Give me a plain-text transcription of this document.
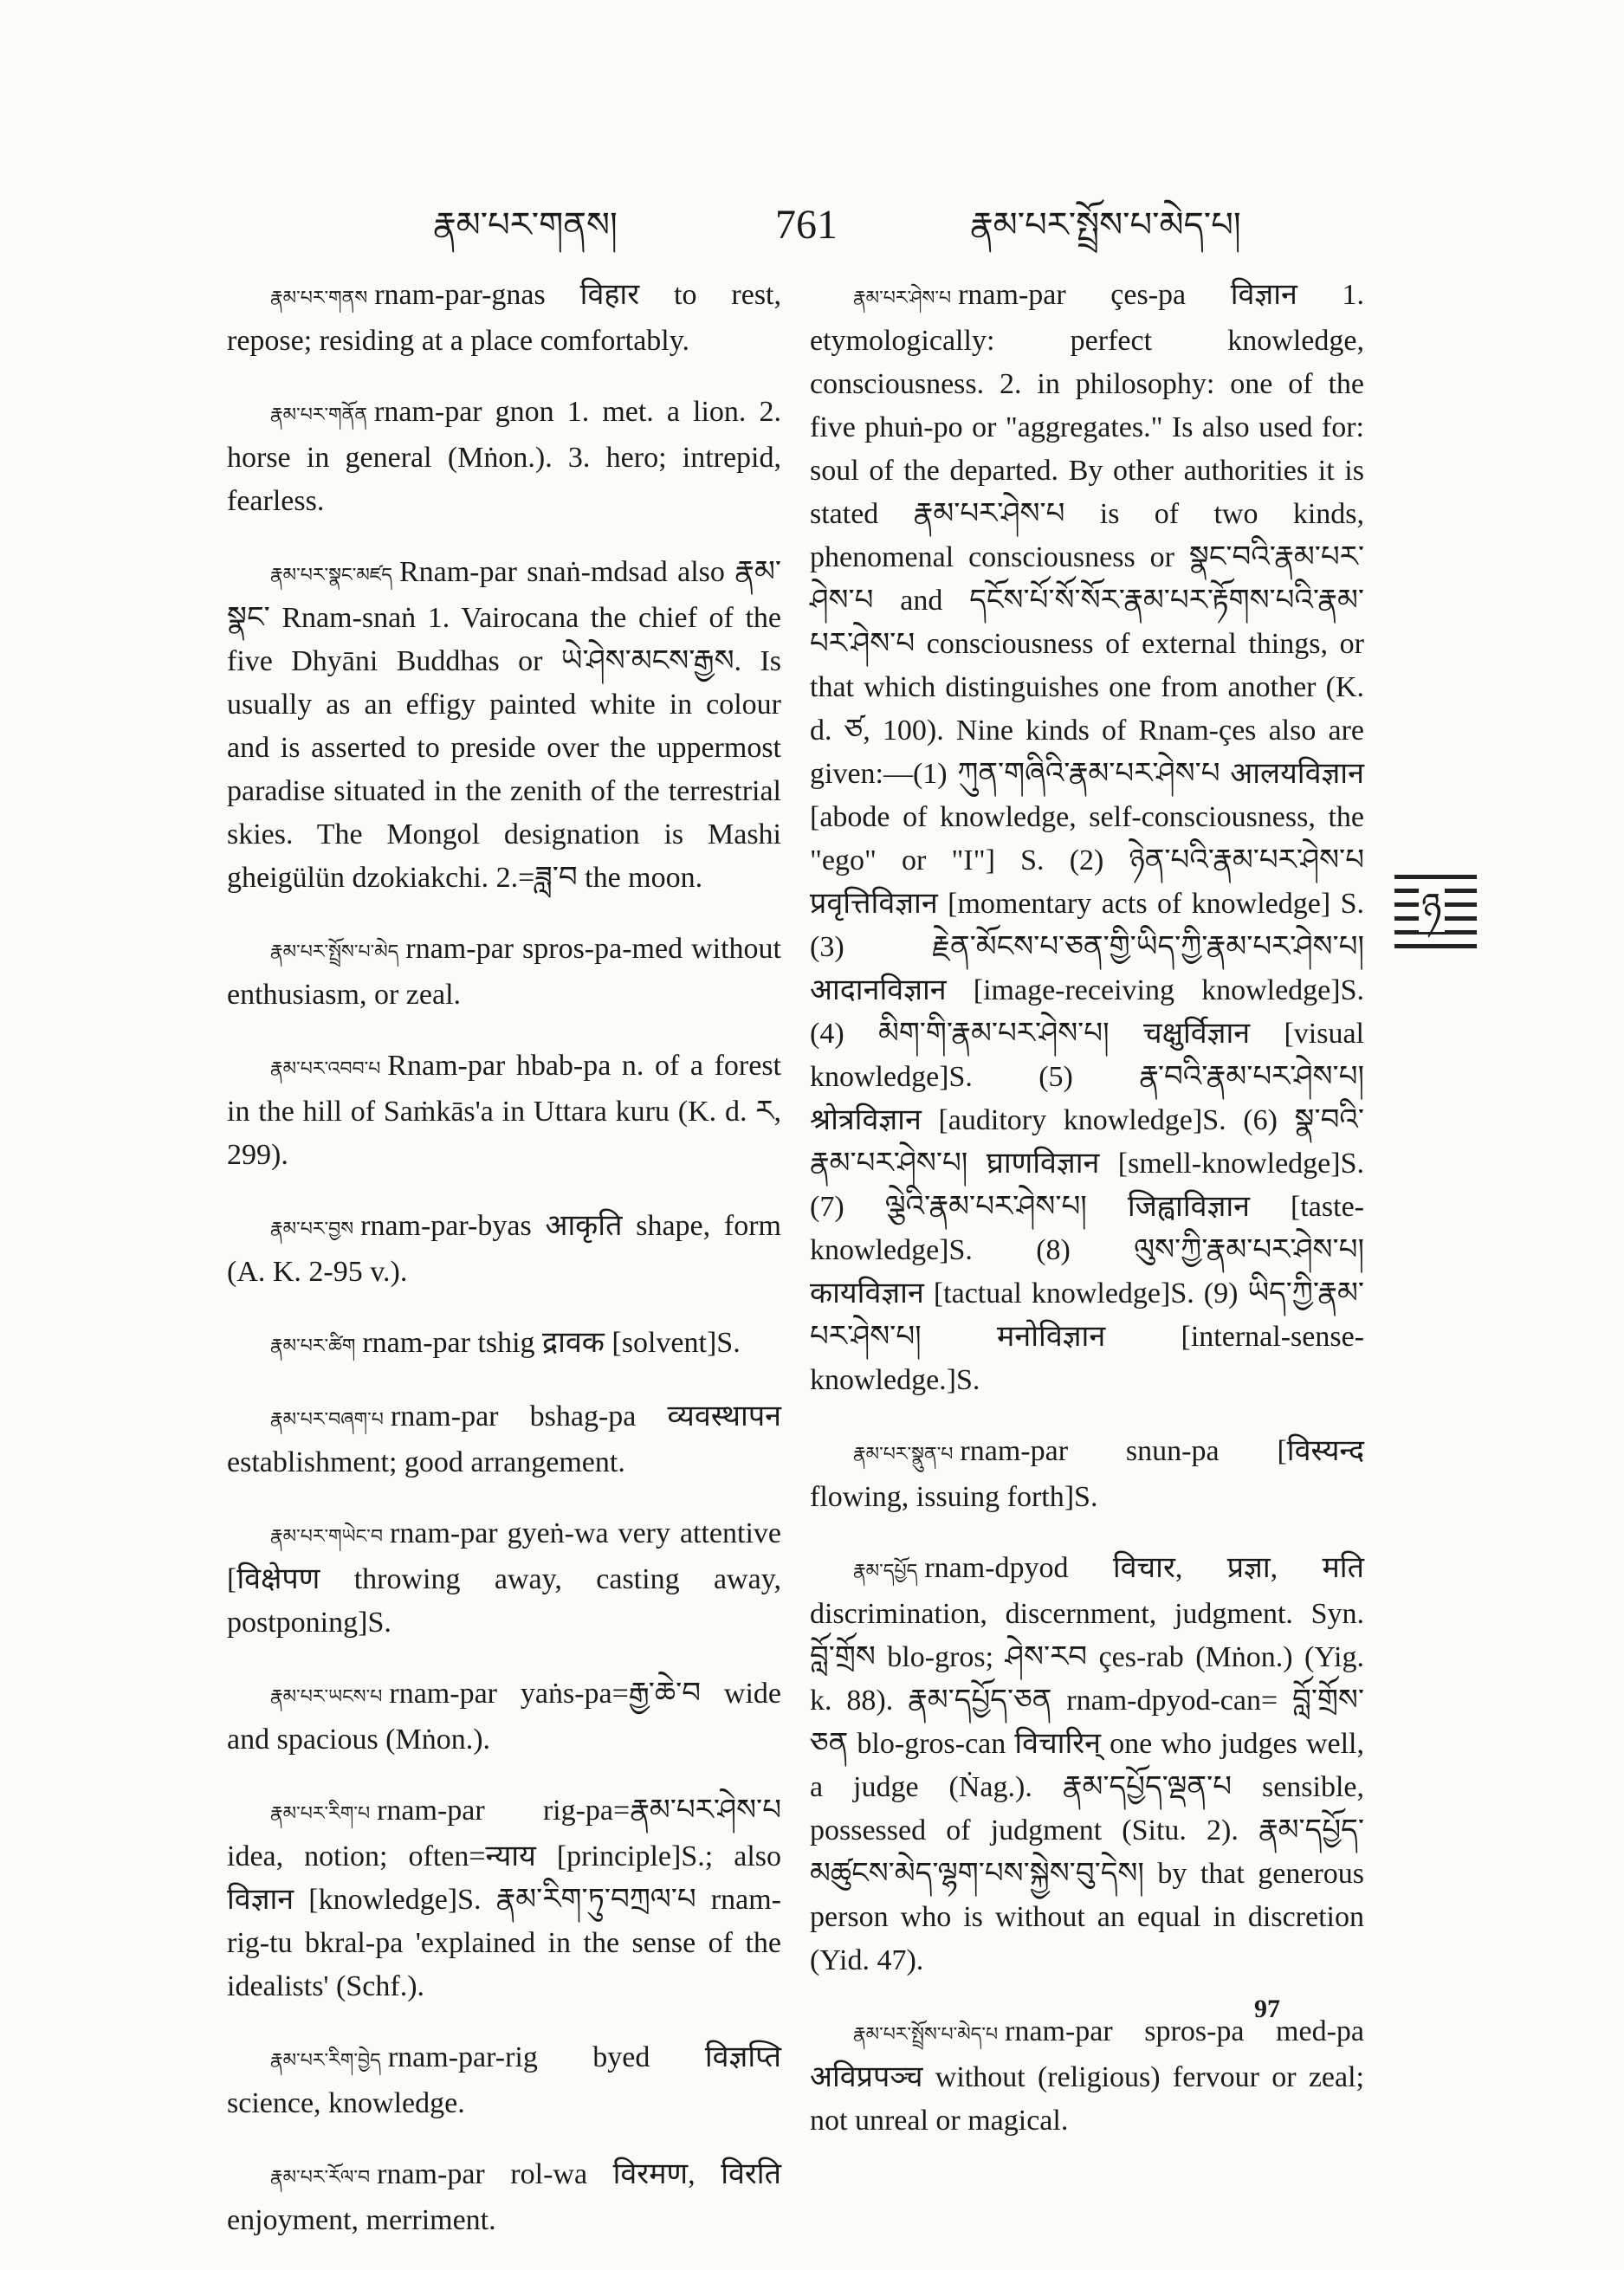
རྣམ་པར་གནས།	761	རྣམ་པར་སྤྲོས་པ་མེད་པ།

རྣམ་པར་གནས rnam-par-gnas विहार to rest, repose; residing at a place comfortably.

རྣམ་པར་གནོན rnam-par gnon 1. met. a lion. 2. horse in general (Mṅon.). 3. hero; intrepid, fearless.

རྣམ་པར་སྣང་མཛད Rnam-par snaṅ-mdsad also རྣམ་སྣང་ Rnam-snaṅ 1. Vairocana the chief of the five Dhyāni Buddhas or ཡེ་ཤེས་མངས་རྒྱས. Is usually as an effigy painted white in colour and is asserted to preside over the uppermost paradise situated in the zenith of the terrestrial skies. The Mongol designation is Mashi gheigülün dzokiakchi. 2.=ཟླ་བ the moon.

རྣམ་པར་སྤྲོས་པ་མེད rnam-par spros-pa-med without enthusiasm, or zeal.

རྣམ་པར་འབབ་པ Rnam-par hbab-pa n. of a forest in the hill of Saṁkās'a in Uttara kuru (K. d. ར, 299).

རྣམ་པར་བྱས rnam-par-byas आकृति shape, form (A. K. 2-95 v.).

རྣམ་པར་ཚིག rnam-par tshig द्रावक [solvent]S.

རྣམ་པར་བཞག་པ rnam-par bshag-pa व्यवस्थापन establishment; good arrangement.

རྣམ་པར་གཡེང་བ rnam-par gyeṅ-wa very attentive [विक्षेपण throwing away, casting away, postponing]S.

རྣམ་པར་ཡངས་པ rnam-par yaṅs-pa=རྒྱ་ཆེ་བ wide and spacious (Mṅon.).

རྣམ་པར་རིག་པ rnam-par rig-pa=རྣམ་པར་ཤེས་པ idea, notion; often=न्याय [principle]S.; also विज्ञान [knowledge]S. རྣམ་རིག་ཏུ་བཀྲལ་པ rnam-rig-tu bkral-pa 'explained in the sense of the idealists' (Schf.).

རྣམ་པར་རིག་བྱེད rnam-par-rig byed विज्ञप्ति science, knowledge.

རྣམ་པར་རོལ་བ rnam-par rol-wa विरमण, विरति enjoyment, merriment.

རྣམ་པར་ཤེས་པ rnam-par çes-pa विज्ञान 1. etymologically: perfect knowledge, consciousness. 2. in philosophy: one of the five phuṅ-po or "aggregates." Is also used for: soul of the departed. By other authorities it is stated རྣམ་པར་ཤེས་པ is of two kinds, phenomenal consciousness or སྣང་བའི་རྣམ་པར་ཤེས་པ and དངོས་པོ་སོ་སོར་རྣམ་པར་རྟོགས་པའི་རྣམ་པར་ཤེས་པ consciousness of external things, or that which distinguishes one from another (K. d. ཙ, 100). Nine kinds of Rnam-çes also are given:—(1) ཀུན་གཞིའི་རྣམ་པར་ཤེས་པ आलयविज्ञान [abode of knowledge, self-consciousness, the "ego" or "I"] S. (2) ཉེན་པའི་རྣམ་པར་ཤེས་པ प्रवृत्तिविज्ञान [momentary acts of knowledge] S. (3) རྗེན་མོངས་པ་ཅན་གྱི་ཡིད་ཀྱི་རྣམ་པར་ཤེས་པ། आदानविज्ञान [image-receiving knowledge]S. (4) མིག་གི་རྣམ་པར་ཤེས་པ། चक्षुर्विज्ञान [visual knowledge]S. (5) རྣ་བའི་རྣམ་པར་ཤེས་པ། श्रोत्रविज्ञान [auditory knowledge]S. (6) སྣ་བའི་རྣམ་པར་ཤེས་པ། घ्राणविज्ञान [smell-knowledge]S. (7) ལྕེའི་རྣམ་པར་ཤེས་པ། जिह्वाविज्ञान [taste-knowledge]S. (8) ལུས་ཀྱི་རྣམ་པར་ཤེས་པ། कायविज्ञान [tactual knowledge]S. (9) ཡིད་ཀྱི་རྣམ་པར་ཤེས་པ། मनोविज्ञान [internal-sense-knowledge.]S.

རྣམ་པར་སྣུན་པ rnam-par snun-pa [विस्यन्द flowing, issuing forth]S.

རྣམ་དཔྱོད rnam-dpyod विचार, प्रज्ञा, मति discrimination, discernment, judgment. Syn. བློ་གྲོས blo-gros; ཤེས་རབ çes-rab (Mṅon.) (Yig. k. 88). རྣམ་དཔྱོད་ཅན rnam-dpyod-can= བློ་གྲོས་ཅན blo-gros-can विचारिन् one who judges well, a judge (Ṅag.). རྣམ་དཔྱོད་ལྡན་པ sensible, possessed of judgment (Situ. 2). རྣམ་དཔྱོད་མཚུངས་མེད་ལྷག་པས་སྐྱེས་བུ་དེས། by that generous person who is without an equal in discretion (Yid. 47).

རྣམ་པར་སྤྲོས་པ་མེད་པ rnam-par spros-pa med-pa अविप्रपञ्च without (religious) fervour or zeal; not unreal or magical.

ཉ
97
